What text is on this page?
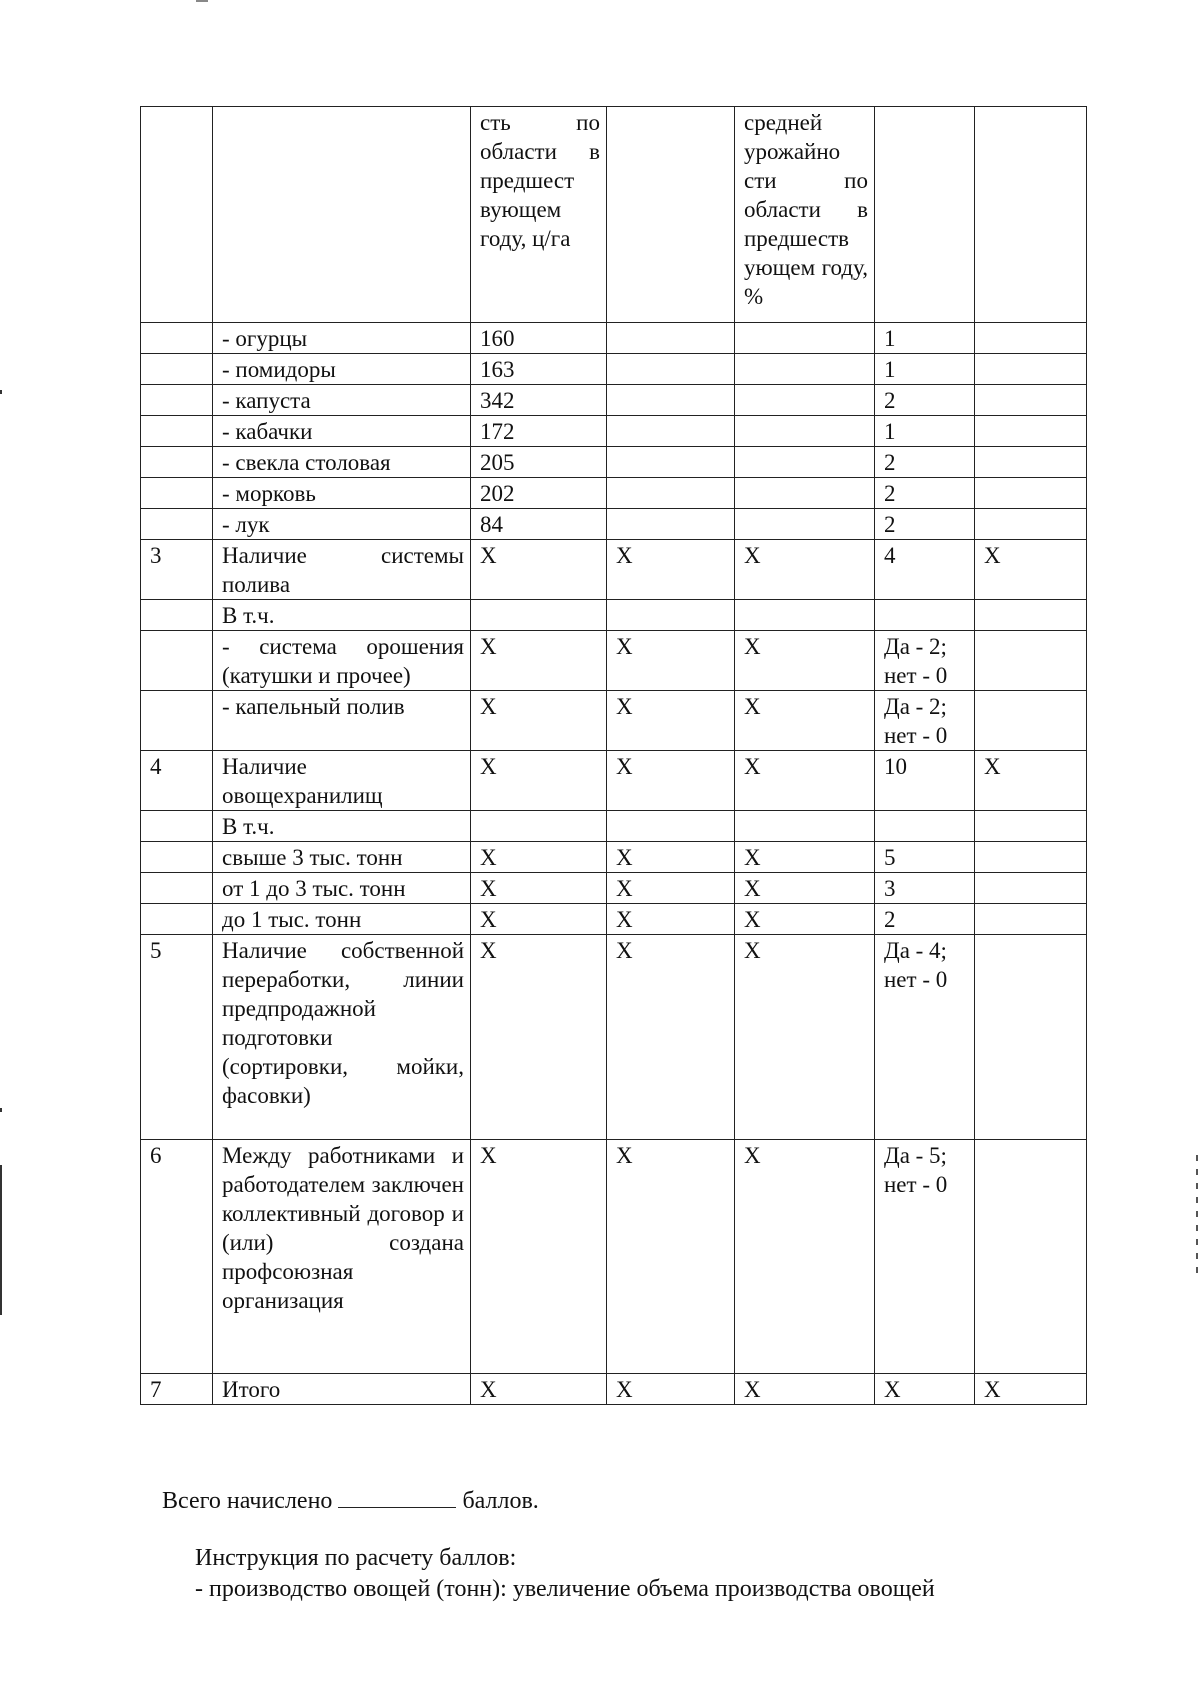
		сть по области в предшест вующем году, ц/га		средней урожайно сти по области в предшеств ующем году, %		
	- огурцы	160			1	
	- помидоры	163			1	
	- капуста	342			2	
	- кабачки	172			1	
	- свекла столовая	205			2	
	- морковь	202			2	
	- лук	84			2	
3	Наличие системы полива	X	X	X	4	X
	В т.ч.					
	- система орошения (катушки и прочее)	X	X	X	Да - 2; нет - 0	
	- капельный полив	X	X	X	Да - 2; нет - 0	
4	Наличие овощехранилищ	X	X	X	10	X
	В т.ч.					
	свыше 3 тыс. тонн	X	X	X	5	
	от 1 до 3 тыс. тонн	X	X	X	3	
	до 1 тыс. тонн	X	X	X	2	
5	Наличие собственной переработки, линии предпродажной подготовки (сортировки, мойки, фасовки)	X	X	X	Да - 4; нет - 0	
6	Между работниками и работодателем заключен коллективный договор и (или) создана профсоюзная организация	X	X	X	Да - 5; нет - 0	
7	Итого	X	X	X	X	X
Всего начислено	баллов.
Инструкция по расчету баллов:
- производство овощей (тонн): увеличение объема производства овощей
